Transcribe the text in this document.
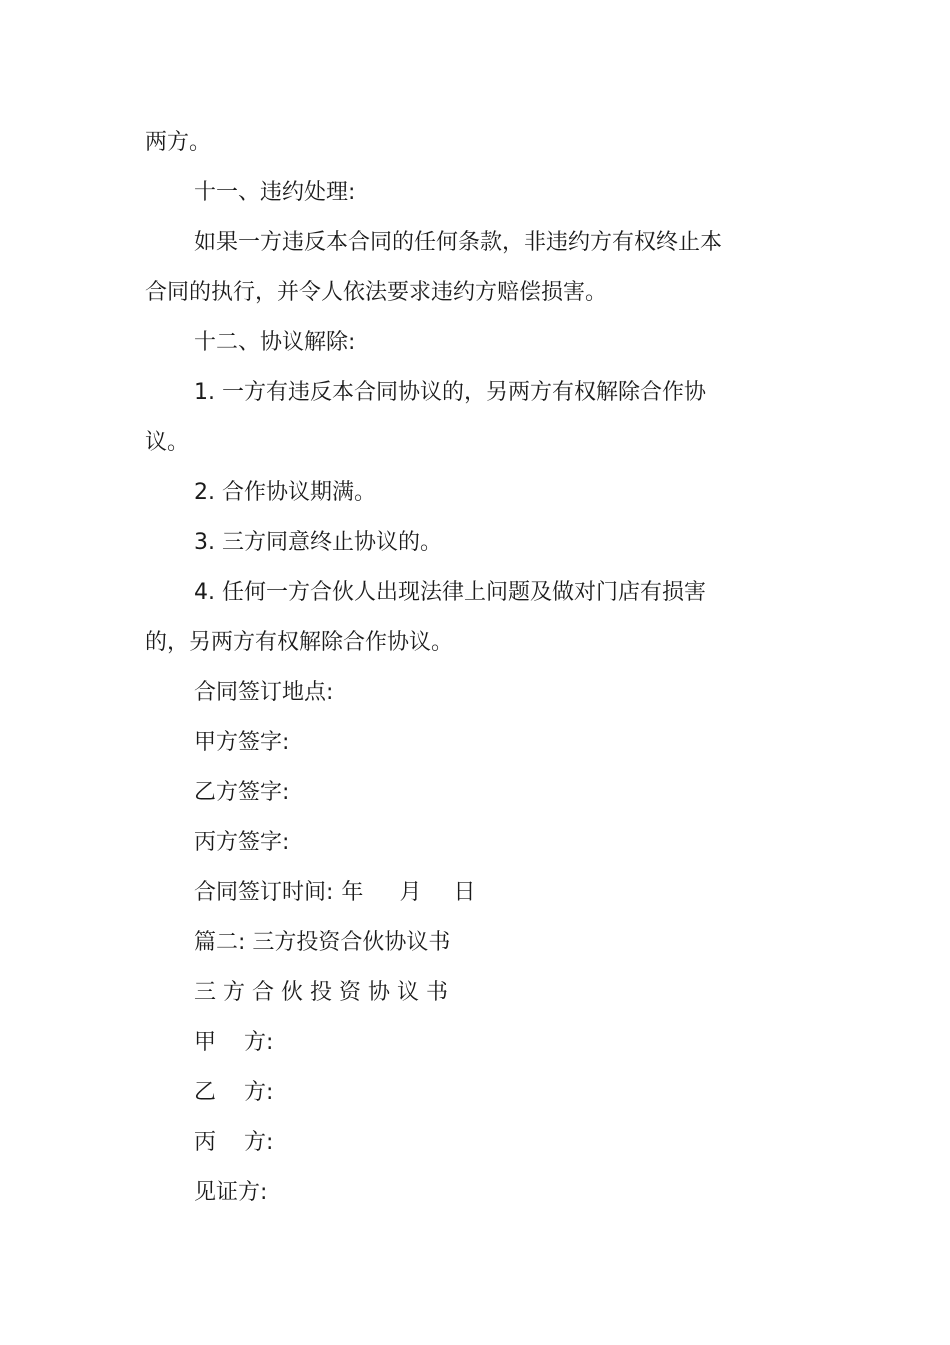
两方。
十一、违约处理:
如果一方违反本合同的任何条款，非违约方有权终止本
合同的执行，并令人依法要求违约方赔偿损害。
十二、协议解除:
1. 一方有违反本合同协议的，另两方有权解除合作协
议。
2. 合作协议期满。
3. 三方同意终止协议的。
4. 任何一方合伙人出现法律上问题及做对门店有损害
的，另两方有权解除合作协议。
合同签订地点:
甲方签字:
乙方签字:
丙方签字:
合同签订时间: 年 月 日
篇二: 三方投资合伙协议书
三 方 合 伙 投 资 协 议 书
甲 方:
乙 方:
丙 方:
见证方:
